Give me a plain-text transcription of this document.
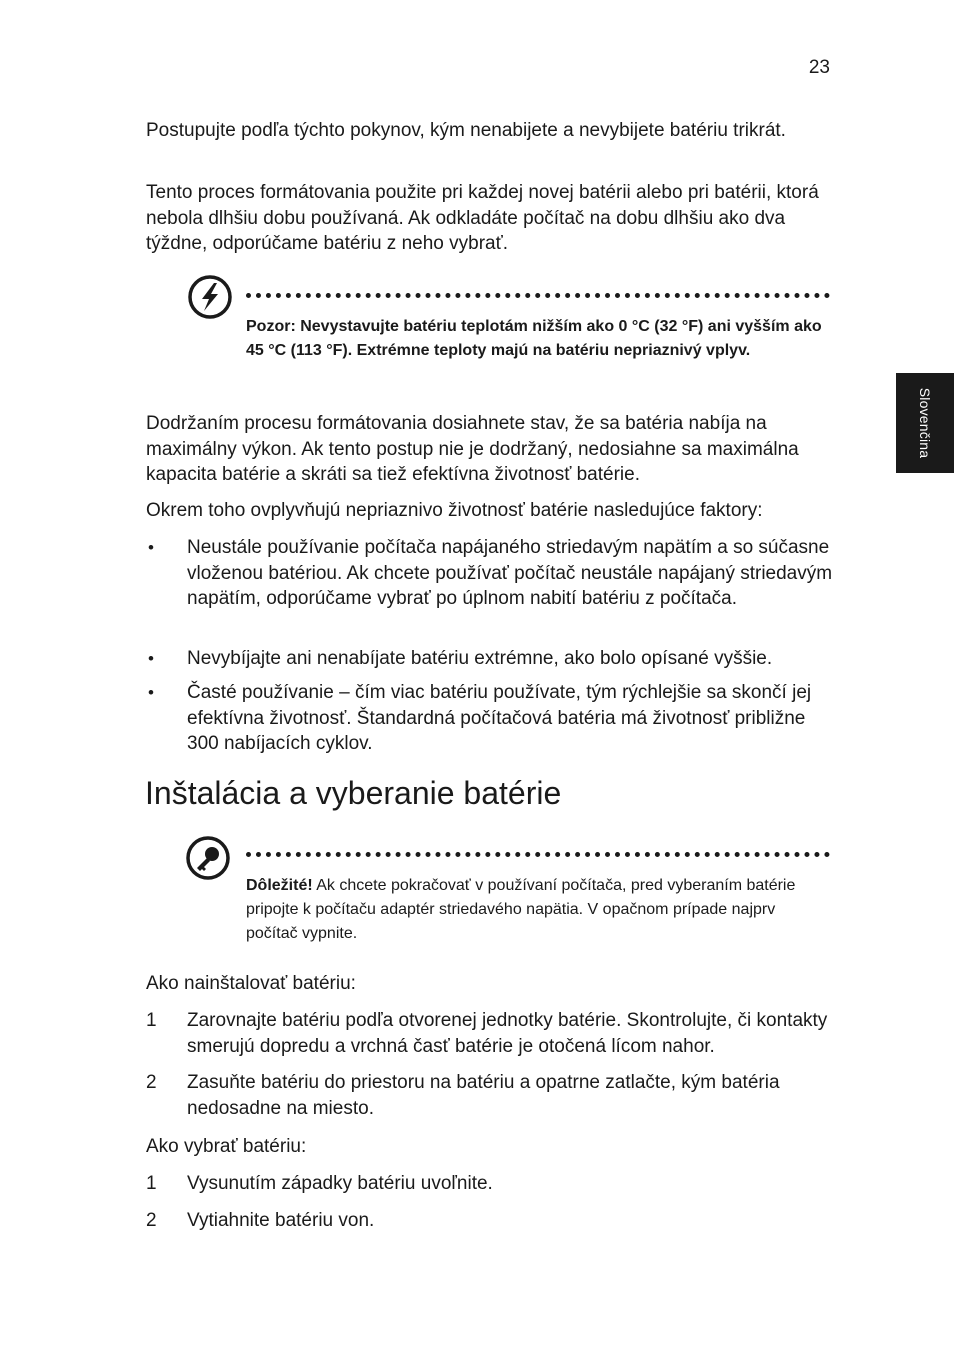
23
Slovenčina

Postupujte podľa týchto pokynov, kým nenabijete a nevybijete batériu trikrát.

Tento proces formátovania použite pri každej novej batérii alebo pri batérii, ktorá nebola dlhšiu dobu používaná. Ak odkladáte počítač na dobu dlhšiu ako dva týždne, odporúčame batériu z neho vybrať.

Pozor: Nevystavujte batériu teplotám nižším ako 0 °C (32 °F) ani vyšším ako 45 °C (113 °F). Extrémne teploty majú na batériu nepriaznivý vplyv.

Dodržaním procesu formátovania dosiahnete stav, že sa batéria nabíja na maximálny výkon. Ak tento postup nie je dodržaný, nedosiahne sa maximálna kapacita batérie a skráti sa tiež efektívna životnosť batérie.

Okrem toho ovplyvňujú nepriaznivo životnosť batérie nasledujúce faktory:

•	Neustále používanie počítača napájaného striedavým napätím a so súčasne vloženou batériou. Ak chcete používať počítač neustále napájaný striedavým napätím, odporúčame vybrať po úplnom nabití batériu z počítača.
•	Nevybíjajte ani nenabíjate batériu extrémne, ako bolo opísané vyššie.
•	Časté používanie – čím viac batériu používate, tým rýchlejšie sa skončí jej efektívna životnosť. Štandardná počítačová batéria má životnosť približne 300 nabíjacích cyklov.
Inštalácia a vyberanie batérie
Dôležité! Ak chcete pokračovať v používaní počítača, pred vyberaním batérie pripojte k počítaču adaptér striedavého napätia. V opačnom prípade najprv počítač vypnite.

Ako nainštalovať batériu:

1	Zarovnajte batériu podľa otvorenej jednotky batérie. Skontrolujte, či kontakty smerujú dopredu a vrchná časť batérie je otočená lícom nahor.
2	Zasuňte batériu do priestoru na batériu a opatrne zatlačte, kým batéria nedosadne na miesto.

Ako vybrať batériu:

1	Vysunutím západky batériu uvoľnite.
2	Vytiahnite batériu von.
